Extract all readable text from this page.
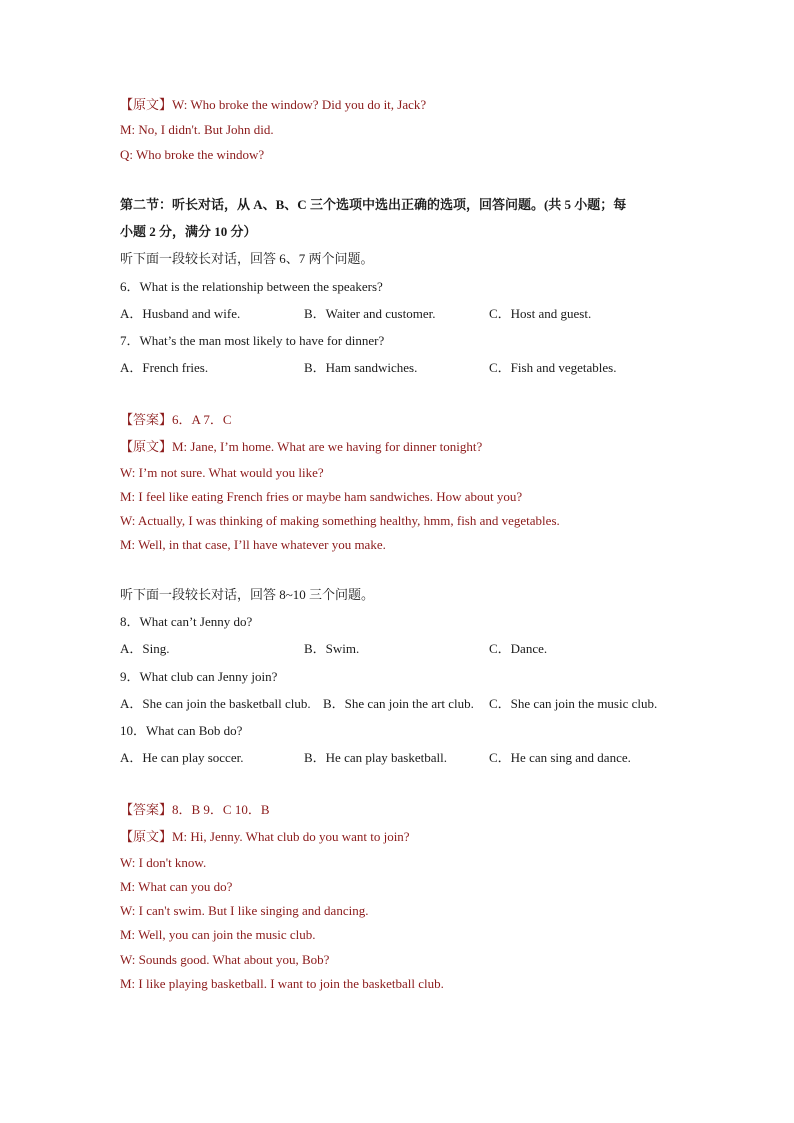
【原文】W: Who broke the window? Did you do it, Jack?
M: No, I didn't. But John did.
Q: Who broke the window?
第二节：听长对话，从 A、B、C 三个选项中选出正确的选项，回答问题。(共 5 小题；每
小题 2 分，满分 10 分）
听下面一段较长对话，回答 6、7 两个问题。
6．What is the relationship between the speakers?
A．Husband and wife.	B．Waiter and customer.	C．Host and guest.
7．What’s the man most likely to have for dinner?
A．French fries.	B．Ham sandwiches.	C．Fish and vegetables.
【答案】6．A 7．C
【原文】M: Jane, I’m home. What are we having for dinner tonight?
W: I’m not sure. What would you like?
M: I feel like eating French fries or maybe ham sandwiches. How about you?
W: Actually, I was thinking of making something healthy, hmm, fish and vegetables.
M: Well, in that case, I’ll have whatever you make.
听下面一段较长对话，回答 8~10 三个问题。
8．What can’t Jenny do?
A．Sing.	B．Swim.	C．Dance.
9．What club can Jenny join?
A．She can join the basketball club. B．She can join the art club. C．She can join the music club.
10．What can Bob do?
A．He can play soccer.	B．He can play basketball.	C．He can sing and dance.
【答案】8．B 9．C 10．B
【原文】M: Hi, Jenny. What club do you want to join?
W: I don't know.
M: What can you do?
W: I can't swim. But I like singing and dancing.
M: Well, you can join the music club.
W: Sounds good. What about you, Bob?
M: I like playing basketball. I want to join the basketball club.
